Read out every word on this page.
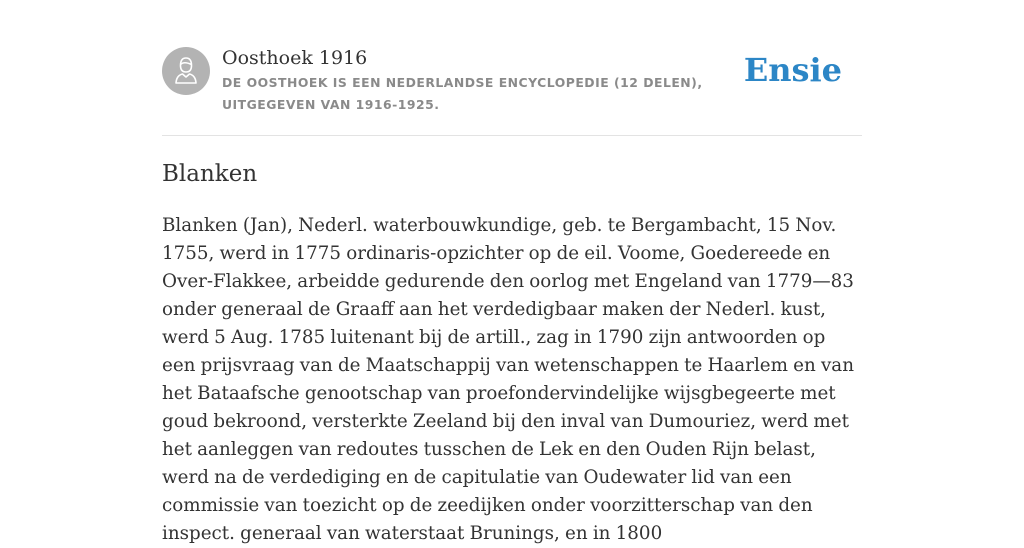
Oosthoek 1916
DE OOSTHOEK IS EEN NEDERLANDSE ENCYCLOPEDIE (12 DELEN), UITGEGEVEN VAN 1916-1925.
Ensie
Blanken

Blanken (Jan), Nederl. waterbouwkundige, geb. te Bergambacht, 15 Nov. 1755, werd in 1775 ordinaris-opzichter op de eil. Voome, Goedereede en Over-Flakkee, arbeidde gedurende den oorlog met Engeland van 1779—83 onder generaal de Graaff aan het verdedigbaar maken der Nederl. kust, werd 5 Aug. 1785 luitenant bij de artill., zag in 1790 zijn antwoorden op een prijsvraag van de Maatschappij van wetenschappen te Haarlem en van het Bataafsche genootschap van proefondervindelijke wijsgbegeerte met goud bekroond, versterkte Zeeland bij den inval van Dumouriez, werd met het aanleggen van redoutes tusschen de Lek en den Ouden Rijn belast, werd na de verdediging en de capitulatie van Oudewater lid van een commissie van toezicht op de zeedijken onder voorzitterschap van den inspect. generaal van waterstaat Brunings, en in 1800
